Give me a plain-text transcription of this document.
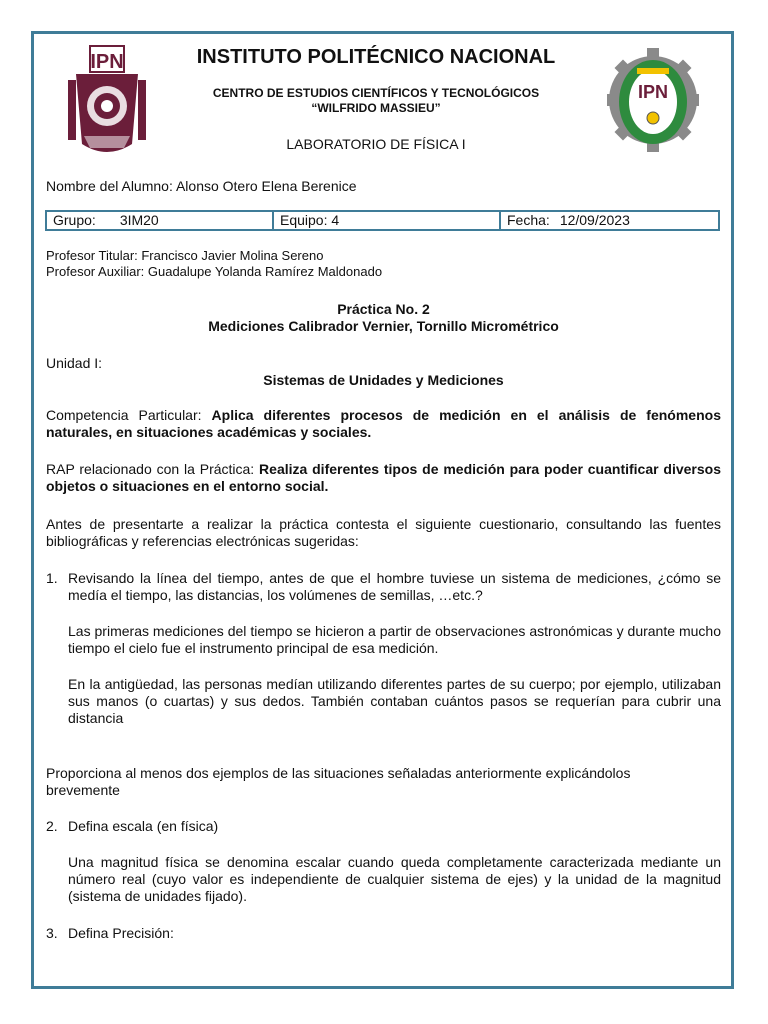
IPN
IPN
INSTITUTO POLITÉCNICO NACIONAL
CENTRO DE ESTUDIOS CIENTÍFICOS Y TECNOLÓGICOS
“WILFRIDO MASSIEU”
LABORATORIO DE FÍSICA I
Nombre del Alumno: Alonso Otero Elena Berenice
Grupo: 3IM20	Equipo: 4	Fecha: 12/09/2023
Profesor Titular: Francisco Javier Molina Sereno
Profesor Auxiliar: Guadalupe Yolanda Ramírez Maldonado
Práctica No. 2
Mediciones Calibrador Vernier, Tornillo Micrométrico
Unidad I:
Sistemas de Unidades y Mediciones
Competencia Particular: Aplica diferentes procesos de medición en el análisis de fenómenos naturales, en situaciones académicas y sociales.
RAP relacionado con la Práctica: Realiza diferentes tipos de medición para poder cuantificar diversos objetos o situaciones en el entorno social.
Antes de presentarte a realizar la práctica contesta el siguiente cuestionario, consultando las fuentes bibliográficas y referencias electrónicas sugeridas:
1. Revisando la línea del tiempo, antes de que el hombre tuviese un sistema de mediciones, ¿cómo se medía el tiempo, las distancias, los volúmenes de semillas, …etc.?
Las primeras mediciones del tiempo se hicieron a partir de observaciones astronómicas y durante mucho tiempo el cielo fue el instrumento principal de esa medición.
En la antigüedad, las personas medían utilizando diferentes partes de su cuerpo; por ejemplo, utilizaban sus manos (o cuartas) y sus dedos. También contaban cuántos pasos se requerían para cubrir una distancia
Proporciona al menos dos ejemplos de las situaciones señaladas anteriormente explicándolos brevemente
2. Defina escala (en física)
Una magnitud física se denomina escalar cuando queda completamente caracterizada mediante un número real (cuyo valor es independiente de cualquier sistema de ejes) y la unidad de la magnitud (sistema de unidades fijado).
3. Defina Precisión:
